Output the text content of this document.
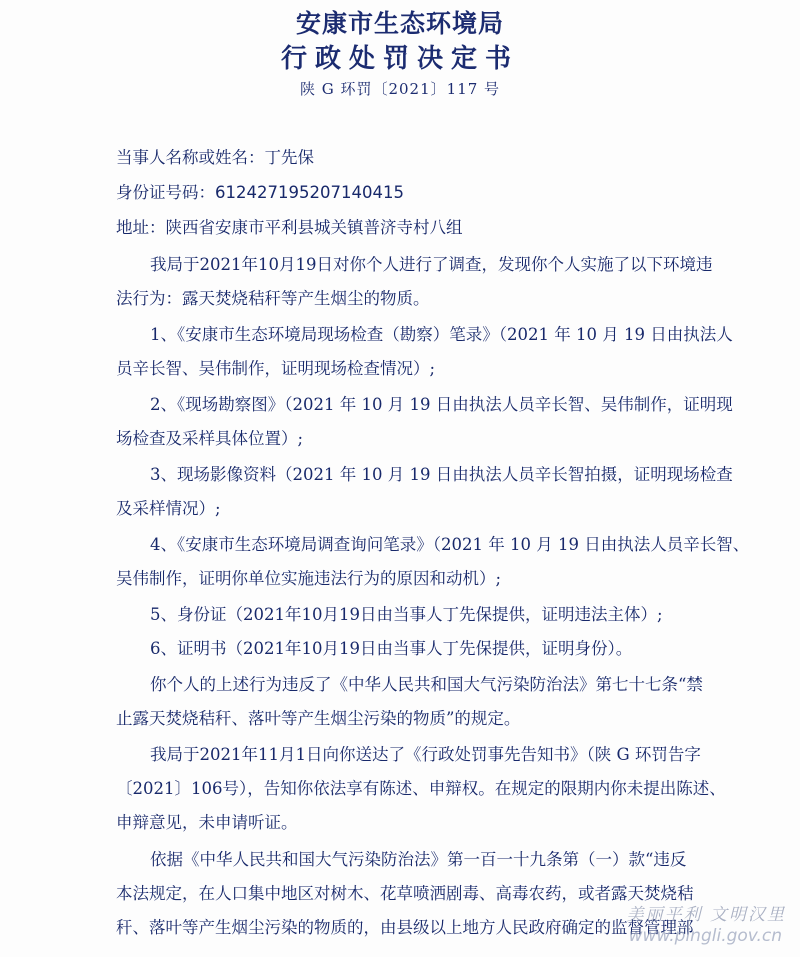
安康市生态环境局
行政处罚决定书
陕 G 环罚〔2021〕117 号
当事人名称或姓名：丁先保
身份证号码：612427195207140415
地址：陕西省安康市平利县城关镇普济寺村八组
我局于2021年10月19日对你个人进行了调查，发现你个人实施了以下环境违
法行为：露天焚烧秸秆等产生烟尘的物质。
1、《安康市生态环境局现场检查（勘察）笔录》（2021 年 10 月 19 日由执法人
员辛长智、吴伟制作，证明现场检查情况）;
2、《现场勘察图》（2021 年 10 月 19 日由执法人员辛长智、吴伟制作，证明现
场检查及采样具体位置）;
3、现场影像资料（2021 年 10 月 19 日由执法人员辛长智拍摄，证明现场检查
及采样情况）;
4、《安康市生态环境局调查询问笔录》（2021 年 10 月 19 日由执法人员辛长智、
吴伟制作，证明你单位实施违法行为的原因和动机）;
5、身份证（2021年10月19日由当事人丁先保提供，证明违法主体）;
6、证明书（2021年10月19日由当事人丁先保提供，证明身份）。
你个人的上述行为违反了《中华人民共和国大气污染防治法》第七十七条“禁
止露天焚烧秸秆、落叶等产生烟尘污染的物质”的规定。
我局于2021年11月1日向你送达了《行政处罚事先告知书》（陕 G 环罚告字
〔2021〕106号），告知你依法享有陈述、申辩权。在规定的限期内你未提出陈述、
申辩意见，未申请听证。
依据《中华人民共和国大气污染防治法》第一百一十九条第（一）款“违反
本法规定，在人口集中地区对树木、花草喷洒剧毒、高毒农药，或者露天焚烧秸
秆、落叶等产生烟尘污染的物质的，由县级以上地方人民政府确定的监督管理部
美丽平利 文明汉里
www.pingli.gov.cn
